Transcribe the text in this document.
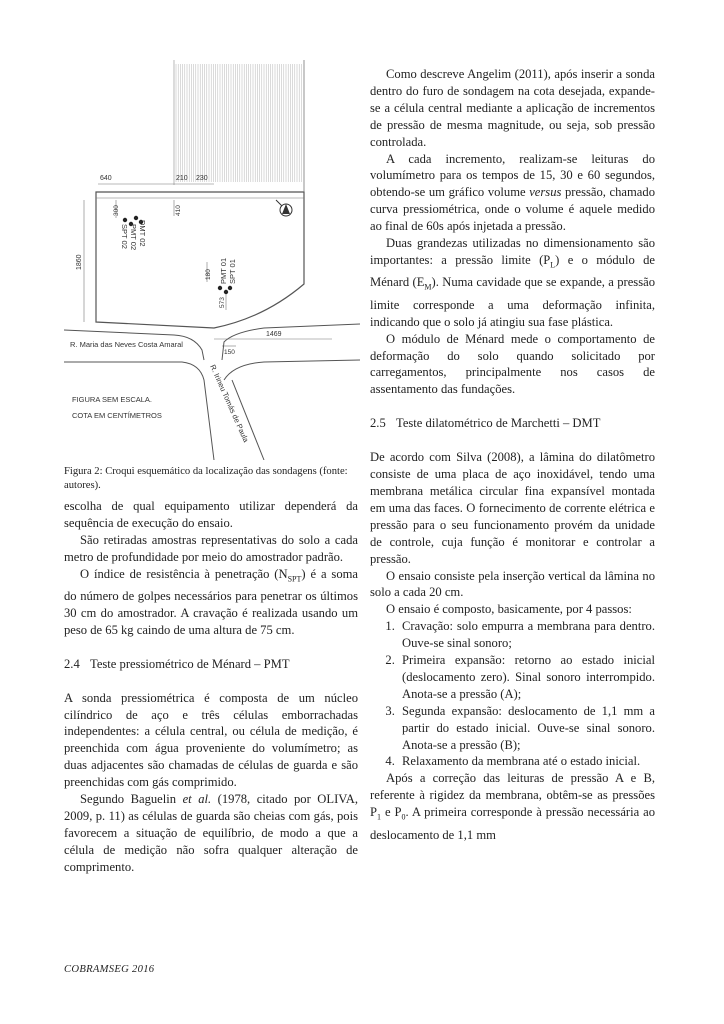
640	210 230
300	410
1860
180
573
1469
150
DMT 02
PMT 02
SPT 02
SPT 01
PMT 01
R. Maria das Neves Costa Amaral
R. Irineu Tomás de Paula
FIGURA SEM ESCALA.
COTA EM CENTÍMETROS
Figura 2: Croqui esquemático da localização das sondagens (fonte: autores).

escolha de qual equipamento utilizar dependerá da sequência de execução do ensaio.

São retiradas amostras representativas do solo a cada metro de profundidade por meio do amostrador padrão.

O índice de resistência à penetração $(N_{SPT})$ é a soma do número de golpes necessários para penetrar os últimos 30 cm do amostrador. A cravação é realizada usando um peso de 65 kg caindo de uma altura de 75 cm.

2.4 Teste pressiométrico de Ménard – PMT

A sonda pressiométrica é composta de um núcleo cilíndrico de aço e três células emborrachadas independentes: a célula central, ou célula de medição, é preenchida com água proveniente do volumímetro; as duas adjacentes são chamadas de células de guarda e são preenchidas com gás comprimido.

Segundo Baguelin et al. (1978, citado por OLIVA, 2009, p. 11) as células de guarda são cheias com gás, pois favorecem a situação de equilíbrio, de modo a que a célula de medição não sofra qualquer alteração de comprimento.

Como descreve Angelim (2011), após inserir a sonda dentro do furo de sondagem na cota desejada, expande-se a célula central mediante a aplicação de incrementos de pressão de mesma magnitude, ou seja, sob pressão controlada.

A cada incremento, realizam-se leituras do volumímetro para os tempos de 15, 30 e 60 segundos, obtendo-se um gráfico volume versus pressão, chamado curva pressiométrica, onde o volume é aquele medido ao final de 60s após injetada a pressão.

Duas grandezas utilizadas no dimensionamento são importantes: a pressão limite $(P_L)$ e o módulo de Ménard $(E_M)$. Numa cavidade que se expande, a pressão limite corresponde a uma deformação infinita, indicando que o solo já atingiu sua fase plástica.

O módulo de Ménard mede o comportamento de deformação do solo quando solicitado por carregamentos, principalmente nos casos de assentamento das fundações.

2.5 Teste dilatométrico de Marchetti – DMT

De acordo com Silva (2008), a lâmina do dilatômetro consiste de uma placa de aço inoxidável, tendo uma membrana metálica circular fina expansível montada em uma das faces. O fornecimento de corrente elétrica e pressão para o seu funcionamento provém da unidade de controle, cuja função é monitorar e controlar a pressão.

O ensaio consiste pela inserção vertical da lâmina no solo a cada 20 cm.

O ensaio é composto, basicamente, por 4 passos:

1. Cravação: solo empurra a membrana para dentro. Ouve-se sinal sonoro;
2. Primeira expansão: retorno ao estado inicial (deslocamento zero). Sinal sonoro interrompido. Anota-se a pressão (A);
3. Segunda expansão: deslocamento de 1,1 mm a partir do estado inicial. Ouve-se sinal sonoro. Anota-se a pressão (B);
4. Relaxamento da membrana até o estado inicial.

Após a correção das leituras de pressão A e B, referente à rigidez da membrana, obtêm-se as pressões $P_1$ e $P_0$. A primeira corresponde à pressão necessária ao deslocamento de 1,1 mm

COBRAMSEG 2016
